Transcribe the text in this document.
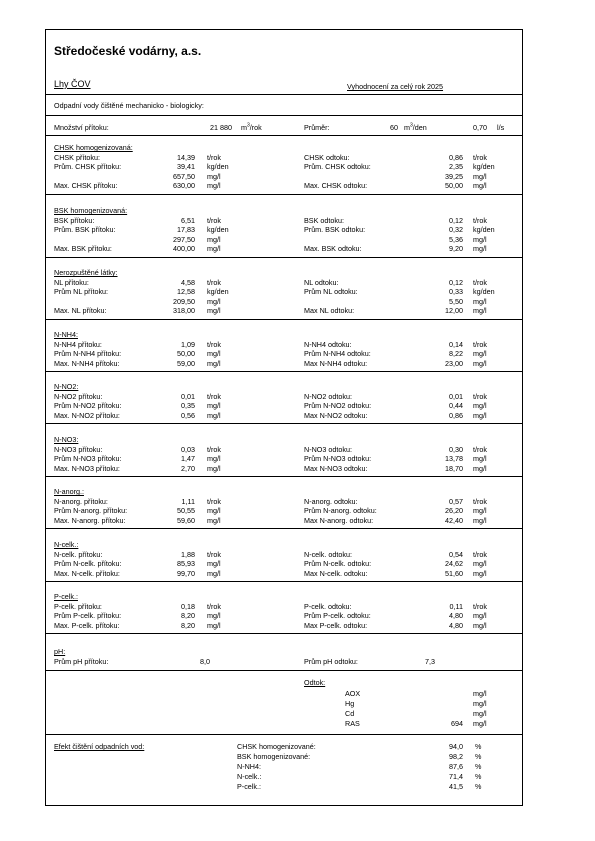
Středočeské vodárny, a.s.
Lhy ČOV	Vyhodnocení za celý rok 2025
Odpadní vody čištěné mechanicko - biologicky:
Množství přítoku:	21 880 $m^3$/rok	Průměr:	60 $m^3$/den	0,70 l/s
CHSK homogenizovaná:
CHSK přítoku:	14,39 t/rok	CHSK odtoku:	0,86 t/rok
Prům. CHSK přítoku:	39,41 kg/den	Prům. CHSK odtoku:	2,35 kg/den
657,50 mg/l	39,25 mg/l
Max. CHSK přítoku:	630,00 mg/l	Max. CHSK odtoku:	50,00 mg/l
BSK homogenizovaná:
BSK přítoku:	6,51 t/rok	BSK odtoku:	0,12 t/rok
Prům. BSK přítoku:	17,83 kg/den	Prům. BSK odtoku:	0,32 kg/den
297,50 mg/l	5,36 mg/l
Max. BSK přítoku:	400,00 mg/l	Max. BSK odtoku:	9,20 mg/l
Nerozpuštěné látky:
NL přítoku:	4,58 t/rok	NL odtoku:	0,12 t/rok
Prům NL přítoku:	12,58 kg/den	Prům NL odtoku:	0,33 kg/den
209,50 mg/l	5,50 mg/l
Max. NL přítoku:	318,00 mg/l	Max NL odtoku:	12,00 mg/l
N-NH4:
N-NH4 přítoku:	1,09 t/rok	N-NH4 odtoku:	0,14 t/rok
Prům N-NH4 přítoku:	50,00 mg/l	Prům N-NH4 odtoku:	8,22 mg/l
Max. N-NH4 přítoku:	59,00 mg/l	Max N-NH4 odtoku:	23,00 mg/l
N-NO2:
N-NO2 přítoku:	0,01 t/rok	N-NO2 odtoku:	0,01 t/rok
Prům N-NO2 přítoku:	0,35 mg/l	Prům N-NO2 odtoku:	0,44 mg/l
Max. N-NO2 přítoku:	0,56 mg/l	Max N-NO2 odtoku:	0,86 mg/l
N-NO3:
N-NO3 přítoku:	0,03 t/rok	N-NO3 odtoku:	0,30 t/rok
Prům N-NO3 přítoku:	1,47 mg/l	Prům N-NO3 odtoku:	13,78 mg/l
Max. N-NO3 přítoku:	2,70 mg/l	Max N-NO3 odtoku:	18,70 mg/l
N-anorg.:
N-anorg. přítoku:	1,11 t/rok	N-anorg. odtoku:	0,57 t/rok
Prům N-anorg. přítoku:	50,55 mg/l	Prům N-anorg. odtoku:	26,20 mg/l
Max. N-anorg. přítoku:	59,60 mg/l	Max N-anorg. odtoku:	42,40 mg/l
N-celk.:
N-celk. přítoku:	1,88 t/rok	N-celk. odtoku:	0,54 t/rok
Prům N-celk. přítoku:	85,93 mg/l	Prům N-celk. odtoku:	24,62 mg/l
Max. N-celk. přítoku:	99,70 mg/l	Max N-celk. odtoku:	51,60 mg/l
P-celk.:
P-celk. přítoku:	0,18 t/rok	P-celk. odtoku:	0,11 t/rok
Prům P-celk. přítoku:	8,20 mg/l	Prům P-celk. odtoku:	4,80 mg/l
Max. P-celk. přítoku:	8,20 mg/l	Max P-celk. odtoku:	4,80 mg/l
pH:
Prům pH přítoku:	8,0	Prům pH odtoku:	7,3
Odtok:
AOX	mg/l
Hg	mg/l
Cd	mg/l
RAS	694 mg/l
Efekt čištění odpadních vod:	CHSK homogenizované:	94,0 %
BSK homogenizované:	98,2 %
N-NH4:	87,6 %
N-celk.:	71,4 %
P-celk.:	41,5 %
